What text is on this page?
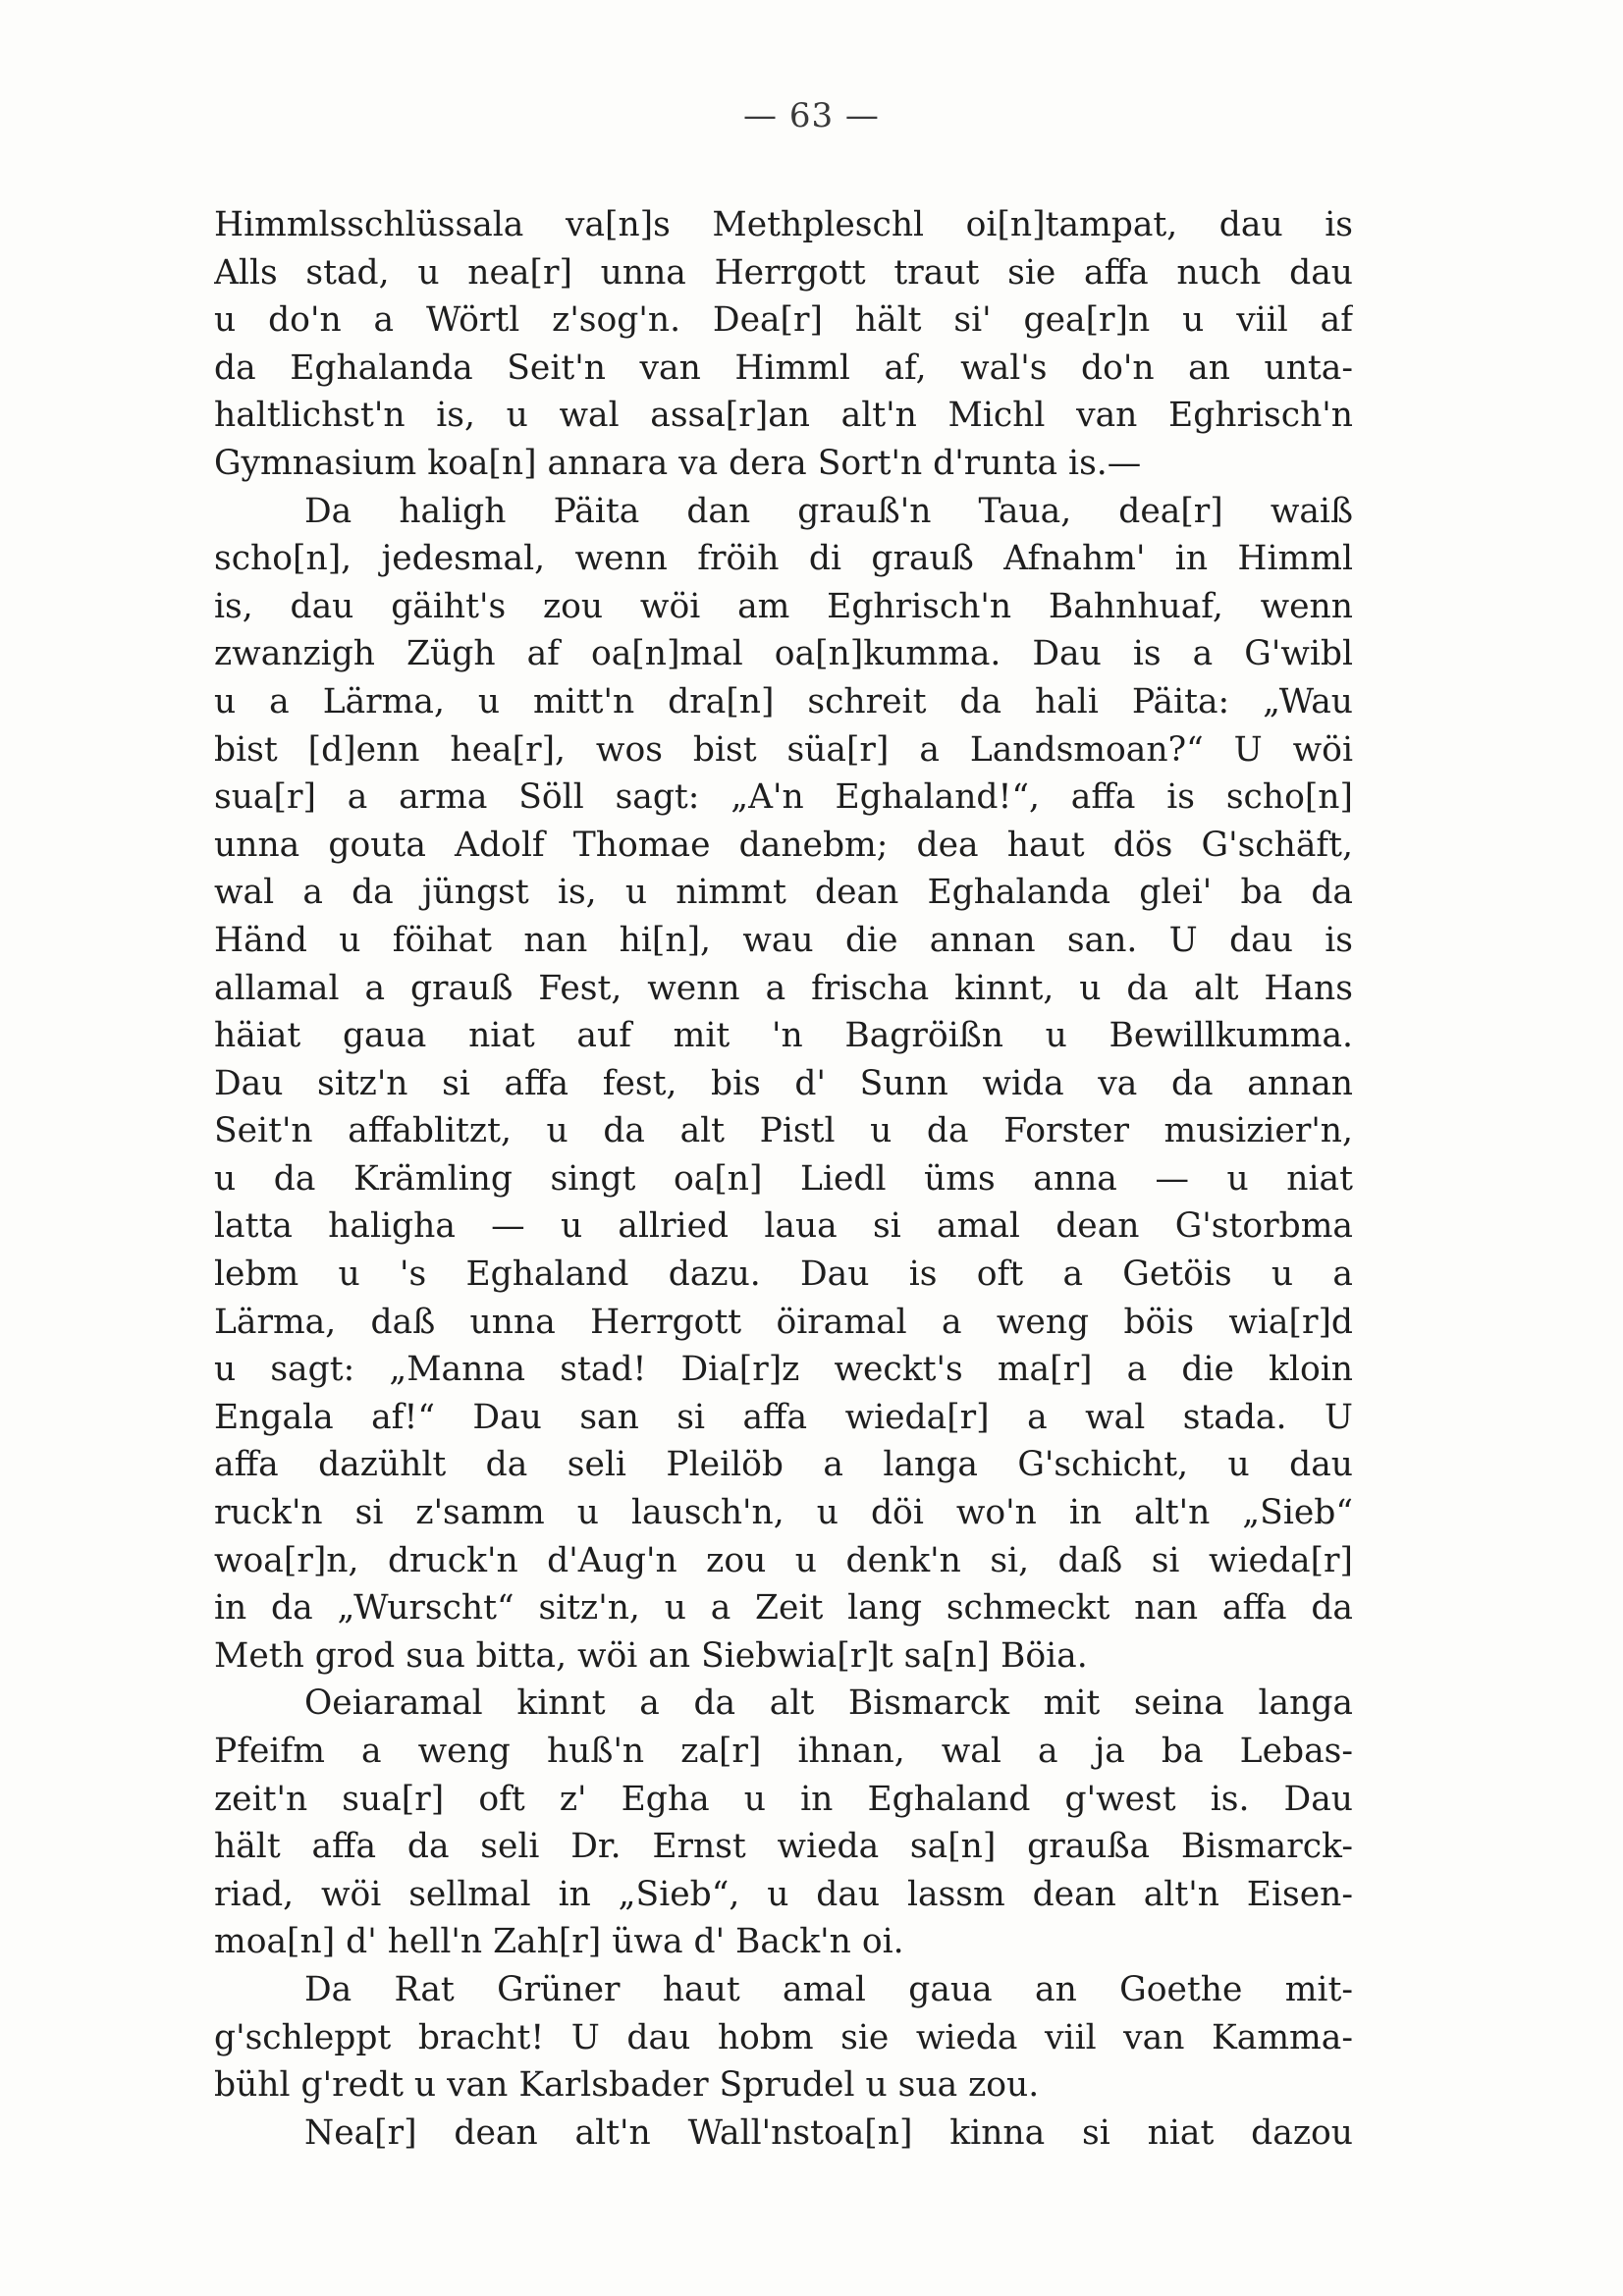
— 63 —
Himmlsschlüssala va[n]s Methpleschl oi[n]tampat, dau is
Alls stad, u nea[r] unna Herrgott traut sie affa nuch dau
u do'n a Wörtl z'sog'n. Dea[r] hält si' gea[r]n u viil af
da Eghalanda Seit'n van Himml af, wal's do'n an unta-
haltlichst'n is, u wal assa[r]an alt'n Michl van Eghrisch'n
Gymnasium koa[n] annara va dera Sort'n d'runta is.—
Da haligh Päita dan grauß'n Taua, dea[r] waiß
scho[n], jedesmal, wenn fröih di grauß Afnahm' in Himml
is, dau gäiht's zou wöi am Eghrisch'n Bahnhuaf, wenn
zwanzigh Zügh af oa[n]mal oa[n]kumma. Dau is a G'wibl
u a Lärma, u mitt'n dra[n] schreit da hali Päita: „Wau
bist [d]enn hea[r], wos bist süa[r] a Landsmoan?“ U wöi
sua[r] a arma Söll sagt: „A'n Eghaland!“, affa is scho[n]
unna gouta Adolf Thomae danebm; dea haut dös G'schäft,
wal a da jüngst is, u nimmt dean Eghalanda glei' ba da
Händ u föihat nan hi[n], wau die annan san. U dau is
allamal a grauß Fest, wenn a frischa kinnt, u da alt Hans
häiat gaua niat auf mit 'n Bagröißn u Bewillkumma.
Dau sitz'n si affa fest, bis d' Sunn wida va da annan
Seit'n affablitzt, u da alt Pistl u da Forster musizier'n,
u da Krämling singt oa[n] Liedl üms anna — u niat
latta haligha — u allried laua si amal dean G'storbma
lebm u 's Eghaland dazu. Dau is oft a Getöis u a
Lärma, daß unna Herrgott öiramal a weng böis wia[r]d
u sagt: „Manna stad! Dia[r]z weckt's ma[r] a die kloin
Engala af!“ Dau san si affa wieda[r] a wal stada. U
affa dazühlt da seli Pleilöb a langa G'schicht, u dau
ruck'n si z'samm u lausch'n, u döi wo'n in alt'n „Sieb“
woa[r]n, druck'n d'Aug'n zou u denk'n si, daß si wieda[r]
in da „Wurscht“ sitz'n, u a Zeit lang schmeckt nan affa da
Meth grod sua bitta, wöi an Siebwia[r]t sa[n] Böia.
Oeiaramal kinnt a da alt Bismarck mit seina langa
Pfeifm a weng huß'n za[r] ihnan, wal a ja ba Lebas-
zeit'n sua[r] oft z' Egha u in Eghaland g'west is. Dau
hält affa da seli Dr. Ernst wieda sa[n] graußa Bismarck-
riad, wöi sellmal in „Sieb“, u dau lassm dean alt'n Eisen-
moa[n] d' hell'n Zah[r] üwa d' Back'n oi.
Da Rat Grüner haut amal gaua an Goethe mit-
g'schleppt bracht! U dau hobm sie wieda viil van Kamma-
bühl g'redt u van Karlsbader Sprudel u sua zou.
Nea[r] dean alt'n Wall'nstoa[n] kinna si niat dazou
